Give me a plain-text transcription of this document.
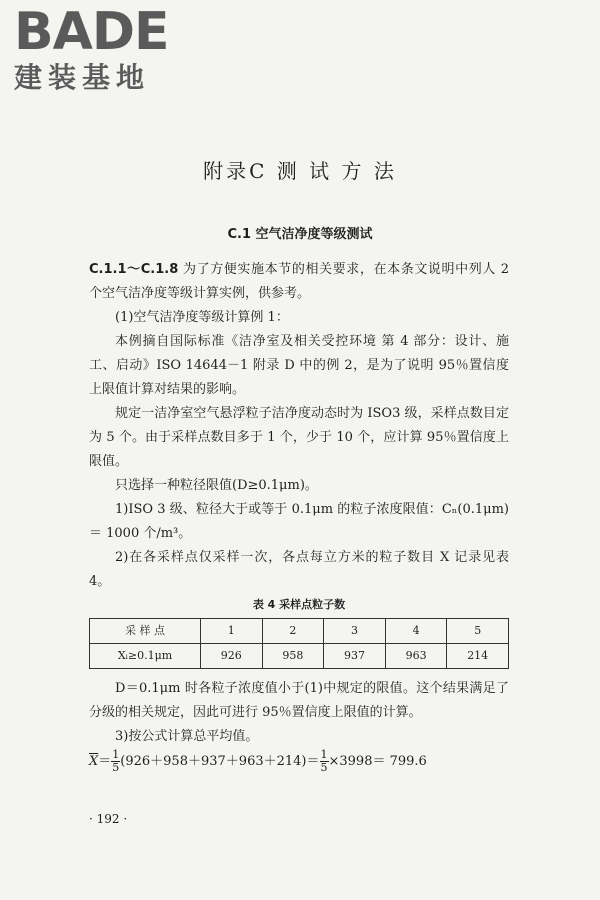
BADE
建装基地
附录C 测 试 方 法
C.1 空气洁净度等级测试

C.1.1～C.1.8 为了方便实施本节的相关要求，在本条文说明中列人 2 个空气洁净度等级计算实例，供参考。

(1)空气洁净度等级计算例 1：

本例摘自国际标准《洁净室及相关受控环境 第 4 部分：设计、施工、启动》ISO 14644－1 附录 D 中的例 2，是为了说明 95％置信度上限值计算对结果的影响。

规定一洁净室空气悬浮粒子洁净度动态时为 ISO3 级，采样点数目定为 5 个。由于采样点数目多于 1 个，少于 10 个，应计算 95％置信度上限值。

只选择一种粒径限值(D≥0.1μm)。

1)ISO 3 级、粒径大于或等于 0.1μm 的粒子浓度限值：Cₙ(0.1μm)＝ 1000 个/m³。

2)在各采样点仅采样一次，各点每立方米的粒子数目 X 记录见表 4。

表 4 采样点粒子数
采 样 点	1	2	3	4	5
Xᵢ≥0.1μm	926	958	937	963	214

D＝0.1μm 时各粒子浓度值小于(1)中规定的限值。这个结果满足了分级的相关规定，因此可进行 95％置信度上限值的计算。

3)按公式计算总平均值。

$\overline{X}= \frac{1}{5} (926+958+937+963+214)= \frac{1}{5} \times 3998= 799.6$
· 192 ·
